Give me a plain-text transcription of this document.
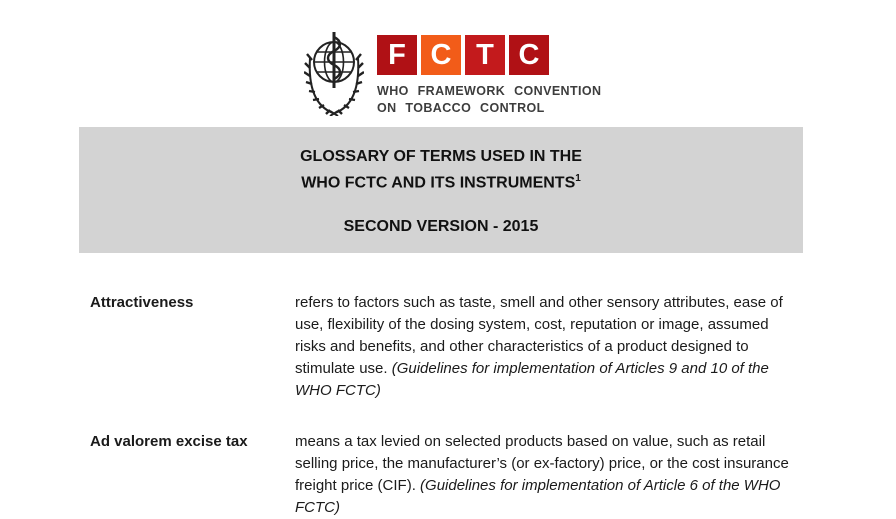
F C T C
WHO FRAMEWORK CONVENTION
ON TOBACCO CONTROL
GLOSSARY OF TERMS USED IN THE
WHO FCTC AND ITS INSTRUMENTS$^1$
SECOND VERSION - 2015
Attractiveness	refers to factors such as taste, smell and other sensory attributes, ease of use, flexibility of the dosing system, cost, reputation or image, assumed risks and benefits, and other characteristics of a product designed to stimulate use. (Guidelines for implementation of Articles 9 and 10 of the WHO FCTC)
Ad valorem excise tax	means a tax levied on selected products based on value, such as retail selling price, the manufacturer’s (or ex-factory) price, or the cost insurance freight price (CIF). (Guidelines for implementation of Article 6 of the WHO FCTC)
